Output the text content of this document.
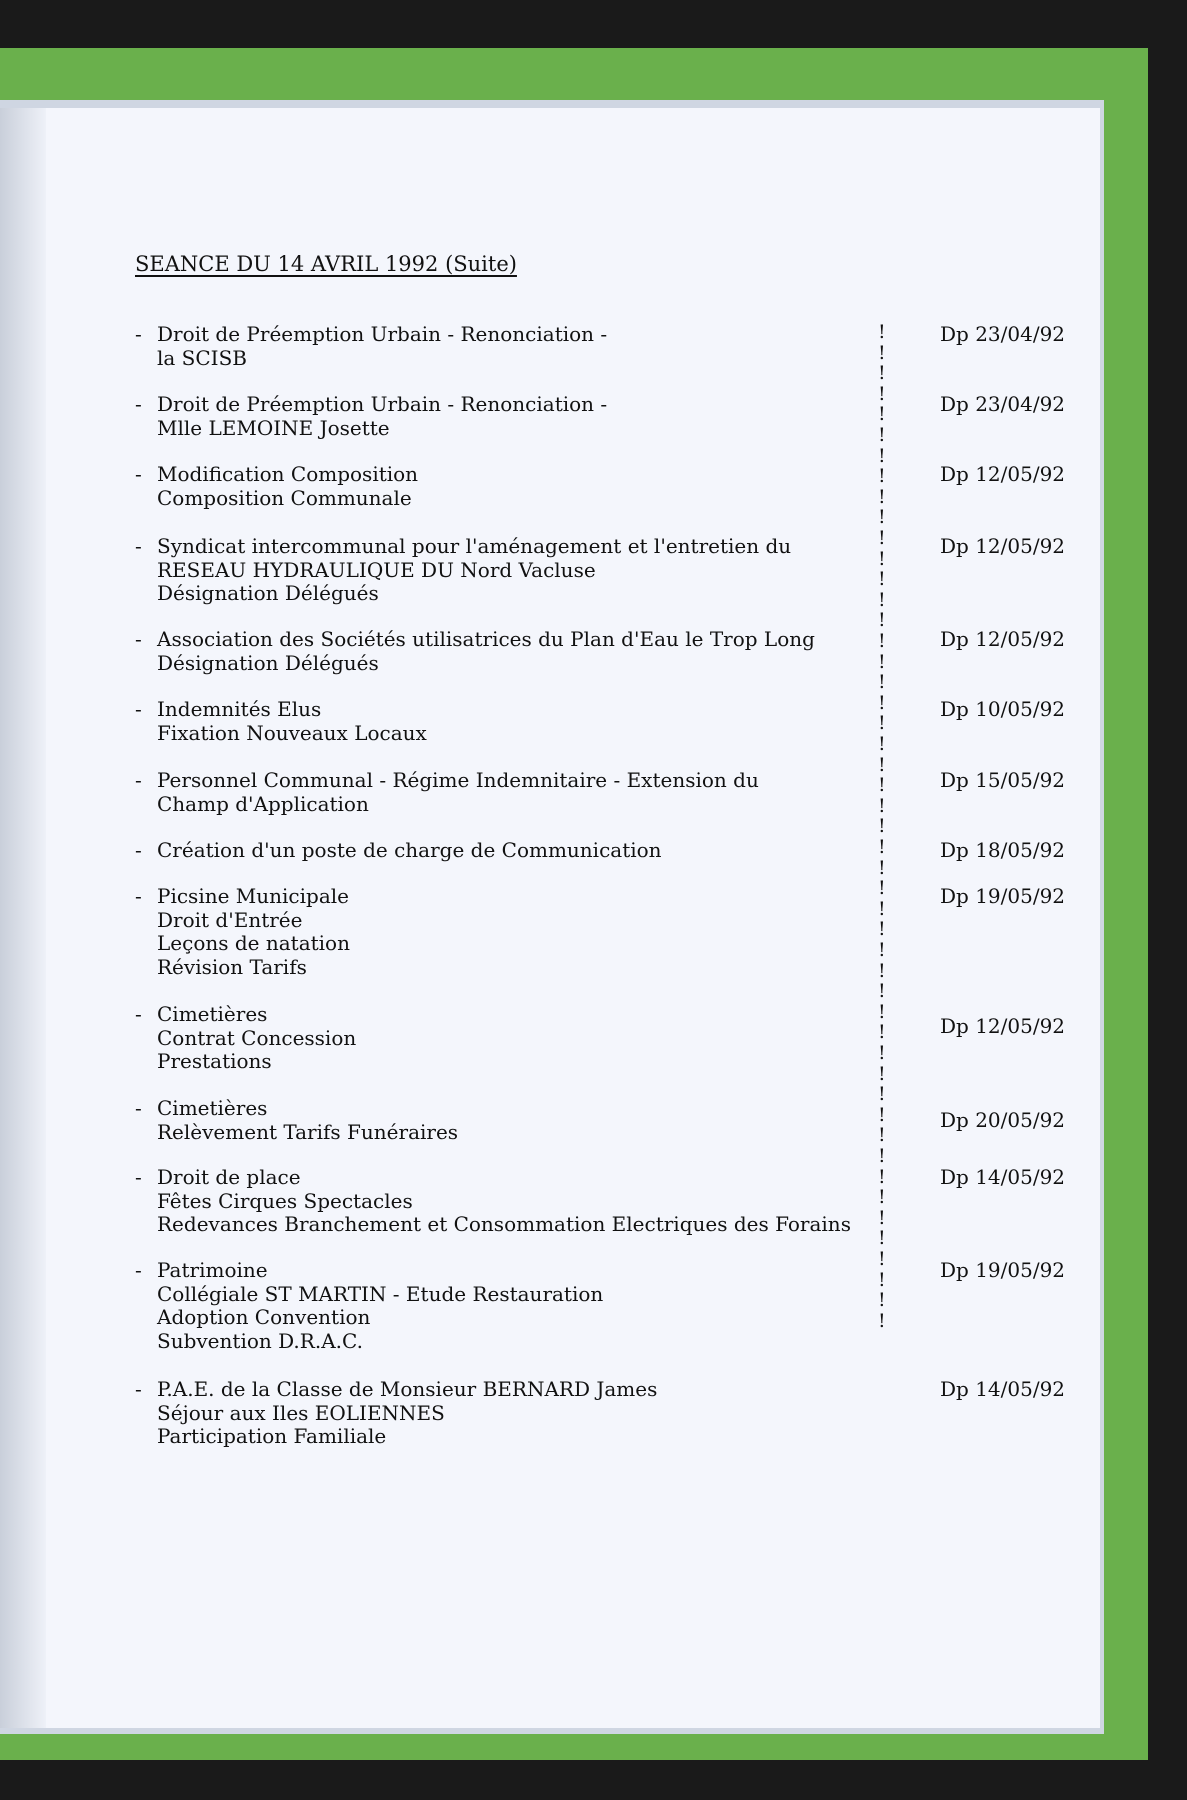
SEANCE DU 14 AVRIL 1992 (Suite)
- Droit de Préemption Urbain - Renonciation -
la SCISB
Dp 23/04/92
- Droit de Préemption Urbain - Renonciation -
Mlle LEMOINE Josette
Dp 23/04/92
- Modification Composition
Composition Communale
Dp 12/05/92
- Syndicat intercommunal pour l'aménagement et l'entretien du
RESEAU HYDRAULIQUE DU Nord Vacluse
Désignation Délégués
Dp 12/05/92
- Association des Sociétés utilisatrices du Plan d'Eau le Trop Long
Désignation Délégués
Dp 12/05/92
- Indemnités Elus
Fixation Nouveaux Locaux
Dp 10/05/92
- Personnel Communal - Régime Indemnitaire - Extension du
Champ d'Application
Dp 15/05/92
- Création d'un poste de charge de Communication	Dp 18/05/92
- Picsine Municipale
Droit d'Entrée
Leçons de natation
Révision Tarifs
Dp 19/05/92
- Cimetières
Contrat Concession
Prestations
Dp 12/05/92
- Cimetières
Relèvement Tarifs Funéraires	Dp 20/05/92
- Droit de place
Fêtes Cirques Spectacles
Redevances Branchement et Consommation Electriques des Forains
Dp 14/05/92
- Patrimoine
Collégiale ST MARTIN - Etude Restauration
Adoption Convention
Subvention D.R.A.C.
Dp 19/05/92
- P.A.E. de la Classe de Monsieur BERNARD James
Séjour aux Iles EOLIENNES
Participation Familiale
Dp 14/05/92
!
!
!
!
!
!
!
!
!
!
!
!
!
!
!
!
!
!
!
!
!
!
!
!
!
!
!
!
!
!
!
!
!
!
!
!
!
!
!
!
!
!
!
!
!
!
!
!
!
